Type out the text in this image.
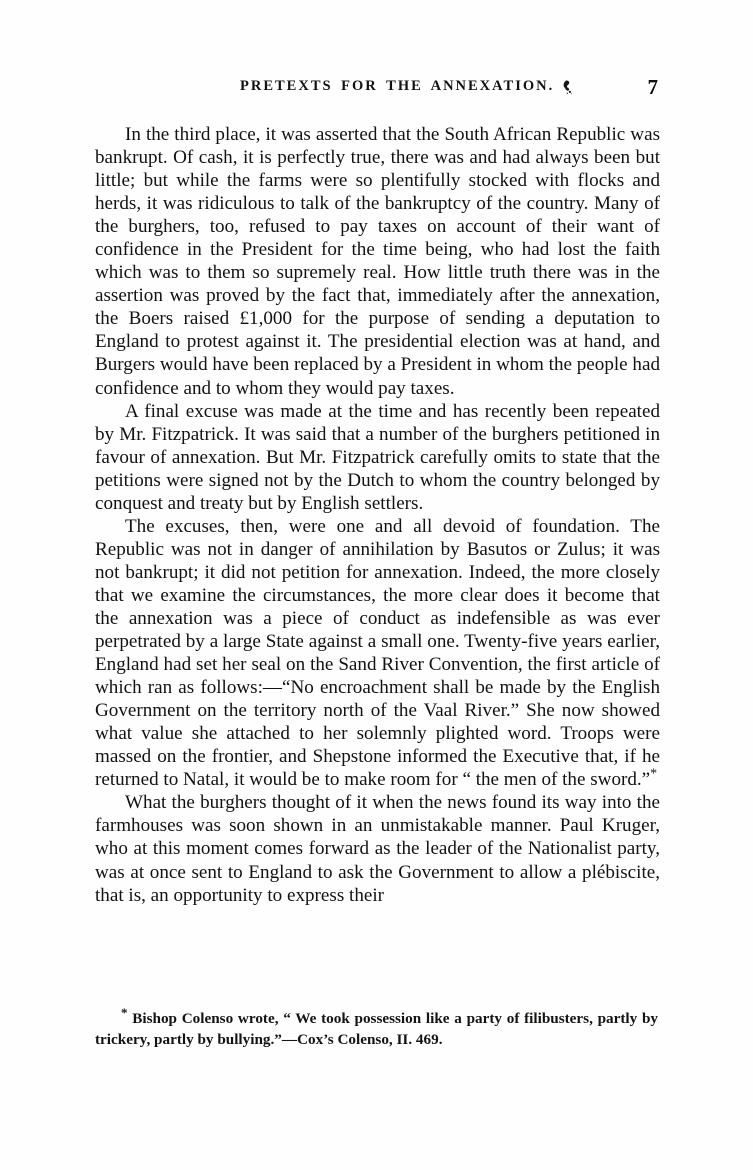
PRETEXTS FOR THE ANNEXATION.	7

In the third place, it was asserted that the South African Republic was bankrupt. Of cash, it is perfectly true, there was and had always been but little; but while the farms were so plentifully stocked with flocks and herds, it was ridiculous to talk of the bankruptcy of the country. Many of the burghers, too, refused to pay taxes on account of their want of confidence in the President for the time being, who had lost the faith which was to them so supremely real. How little truth there was in the assertion was proved by the fact that, immediately after the annexation, the Boers raised £1,000 for the purpose of sending a deputation to England to protest against it. The presidential election was at hand, and Burgers would have been replaced by a President in whom the people had confidence and to whom they would pay taxes.

A final excuse was made at the time and has recently been repeated by Mr. Fitzpatrick. It was said that a number of the burghers petitioned in favour of annexation. But Mr. Fitzpatrick carefully omits to state that the petitions were signed not by the Dutch to whom the country belonged by conquest and treaty but by English settlers.

The excuses, then, were one and all devoid of foundation. The Republic was not in danger of annihilation by Basutos or Zulus; it was not bankrupt; it did not petition for annexation. Indeed, the more closely that we examine the circumstances, the more clear does it become that the annexation was a piece of conduct as indefensible as was ever perpetrated by a large State against a small one. Twenty-five years earlier, England had set her seal on the Sand River Convention, the first article of which ran as follows:—“No encroachment shall be made by the English Government on the territory north of the Vaal River.” She now showed what value she attached to her solemnly plighted word. Troops were massed on the frontier, and Shepstone informed the Executive that, if he returned to Natal, it would be to make room for “ the men of the sword.”*

What the burghers thought of it when the news found its way into the farmhouses was soon shown in an unmistakable manner. Paul Kruger, who at this moment comes forward as the leader of the Nationalist party, was at once sent to England to ask the Government to allow a plébiscite, that is, an opportunity to express their

* Bishop Colenso wrote, “ We took possession like a party of filibusters, partly by trickery, partly by bullying.”—Cox’s Colenso, II. 469.
